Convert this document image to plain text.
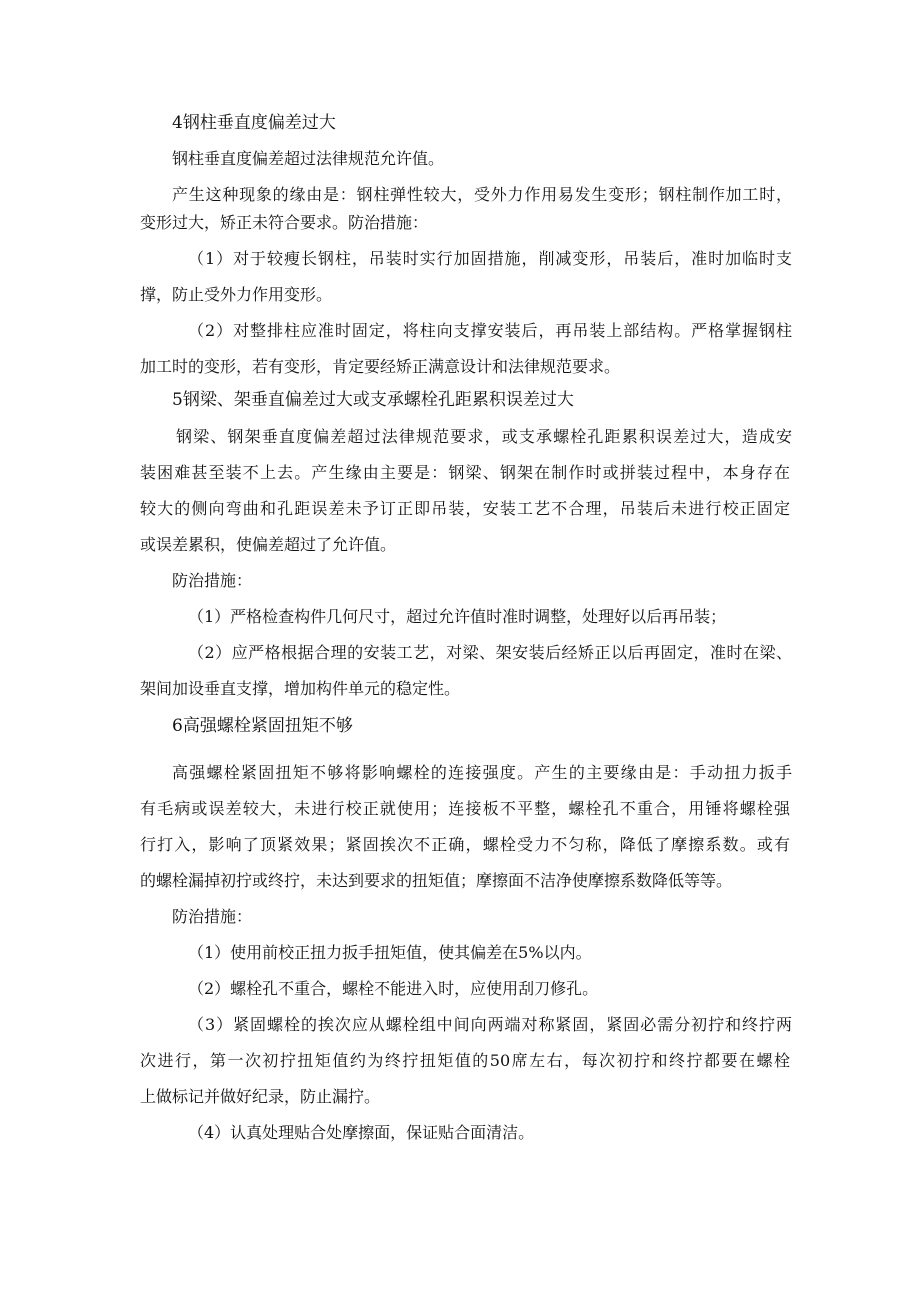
4钢柱垂直度偏差过大
钢柱垂直度偏差超过法律规范允许值。
产生这种现象的缘由是：钢柱弹性较大，受外力作用易发生变形；钢柱制作加工时，
变形过大，矫正未符合要求。防治措施：
（1）对于较瘦长钢柱，吊装时实行加固措施，削减变形，吊装后，准时加临时支
撑，防止受外力作用变形。
（2）对整排柱应准时固定，将柱向支撑安装后，再吊装上部结构。严格掌握钢柱
加工时的变形，若有变形，肯定要经矫正满意设计和法律规范要求。
5钢梁、架垂直偏差过大或支承螺栓孔距累积误差过大
钢梁、钢架垂直度偏差超过法律规范要求，或支承螺栓孔距累积误差过大，造成安
装困难甚至装不上去。产生缘由主要是：钢梁、钢架在制作时或拼装过程中，本身存在
较大的侧向弯曲和孔距误差未予订正即吊装，安装工艺不合理，吊装后未进行校正固定
或误差累积，使偏差超过了允许值。
防治措施：
（1）严格检查构件几何尺寸，超过允许值时准时调整，处理好以后再吊装；
（2）应严格根据合理的安装工艺，对梁、架安装后经矫正以后再固定，准时在梁、
架间加设垂直支撑，增加构件单元的稳定性。
6高强螺栓紧固扭矩不够
高强螺栓紧固扭矩不够将影响螺栓的连接强度。产生的主要缘由是：手动扭力扳手
有毛病或误差较大，未进行校正就使用；连接板不平整，螺栓孔不重合，用锤将螺栓强
行打入，影响了顶紧效果；紧固挨次不正确，螺栓受力不匀称，降低了摩擦系数。或有
的螺栓漏掉初拧或终拧，未达到要求的扭矩值；摩擦面不洁净使摩擦系数降低等等。
防治措施：
（1）使用前校正扭力扳手扭矩值，使其偏差在5%以内。
（2）螺栓孔不重合，螺栓不能进入时，应使用刮刀修孔。
（3）紧固螺栓的挨次应从螺栓组中间向两端对称紧固，紧固必需分初拧和终拧两
次进行，第一次初拧扭矩值约为终拧扭矩值的50席左右，每次初拧和终拧都要在螺栓
上做标记并做好纪录，防止漏拧。
（4）认真处理贴合处摩擦面，保证贴合面清洁。
